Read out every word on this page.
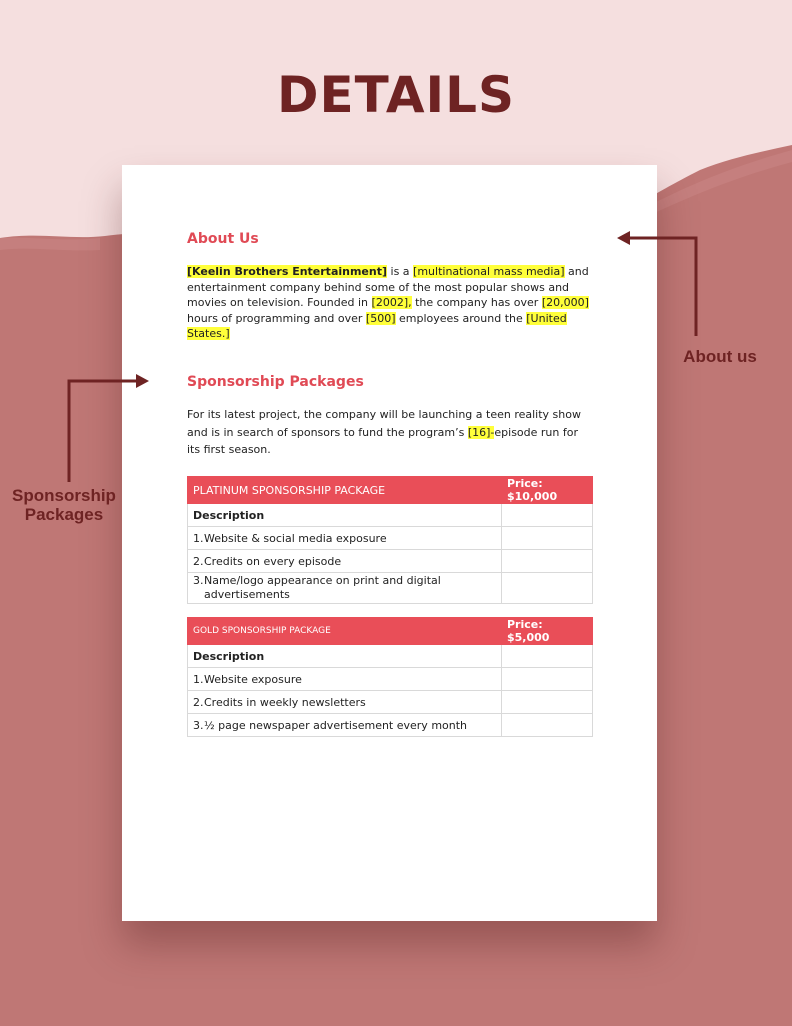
DETAILS
About Us
[Keelin Brothers Entertainment] is a [multinational mass media] and entertainment company behind some of the most popular shows and movies on television. Founded in [2002], the company has over [20,000] hours of programming and over [500] employees around the [United States.]
Sponsorship Packages
For its latest project, the company will be launching a teen reality show and is in search of sponsors to fund the program’s [16]-episode run for its first season.
PLATINUM SPONSORSHIP PACKAGE	Price: $10,000
Description	

1. Website & social media exposure	

2. Credits on every episode	

3. Name/logo appearance on print and digital advertisements	

GOLD SPONSORSHIP PACKAGE	Price: $5,000
Description	

1. Website exposure	

2. Credits in weekly newsletters	

3. ½ page newspaper advertisement every month	

About us
Sponsorship
Packages
